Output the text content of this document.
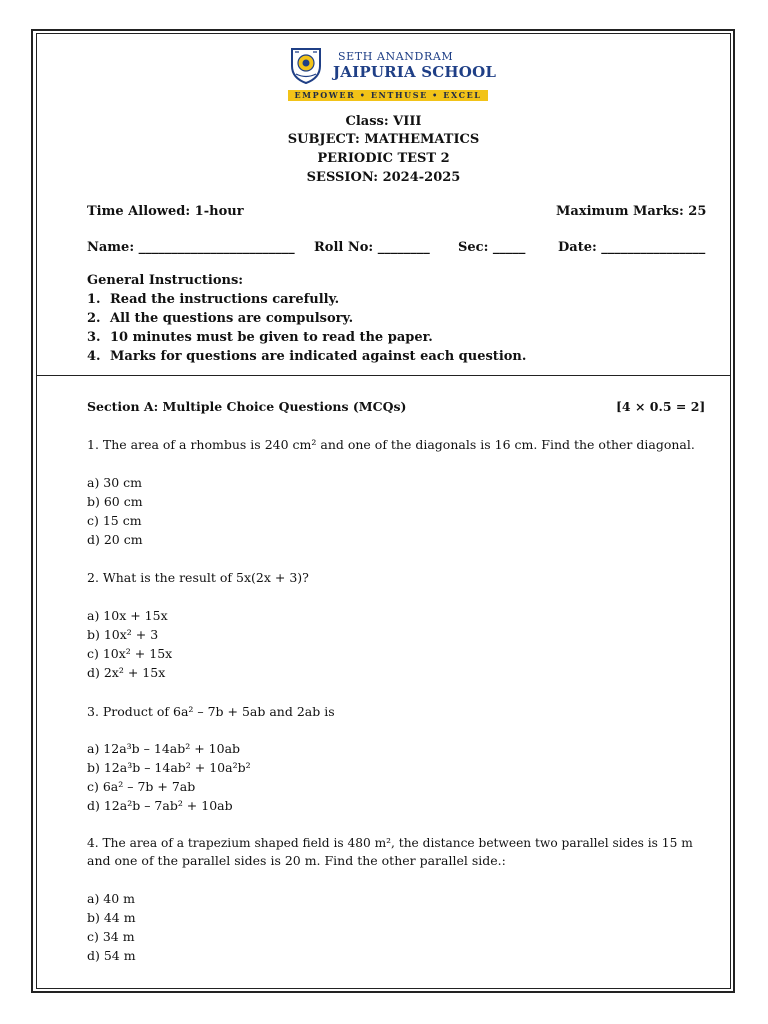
SETH ANANDRAM
JAIPURIA SCHOOL
EMPOWER • ENTHUSE • EXCEL
Class: VIII
SUBJECT: MATHEMATICS
PERIODIC TEST 2
SESSION: 2024-2025
Time Allowed: 1-hour	Maximum Marks: 25
Name: ________________________ Roll No: ________ Sec: _____	Date: ________________
General Instructions:
1. Read the instructions carefully.
2. All the questions are compulsory.
3. 10 minutes must be given to read the paper.
4. Marks for questions are indicated against each question.
Section A: Multiple Choice Questions (MCQs)	[4 × 0.5 = 2]
1. The area of a rhombus is 240 cm² and one of the diagonals is 16 cm. Find the other diagonal.
a) 30 cm
b) 60 cm
c) 15 cm
d) 20 cm
2. What is the result of 5x(2x + 3)?
a) 10x + 15x
b) 10x² + 3
c) 10x² + 15x
d) 2x² + 15x
3. Product of 6a² – 7b + 5ab and 2ab is
a) 12a³b – 14ab² + 10ab
b) 12a³b – 14ab² + 10a²b²
c) 6a² – 7b + 7ab
d) 12a²b – 7ab² + 10ab
4. The area of a trapezium shaped field is 480 m², the distance between two parallel sides is 15 m
and one of the parallel sides is 20 m. Find the other parallel side.:
a) 40 m
b) 44 m
c) 34 m
d) 54 m
